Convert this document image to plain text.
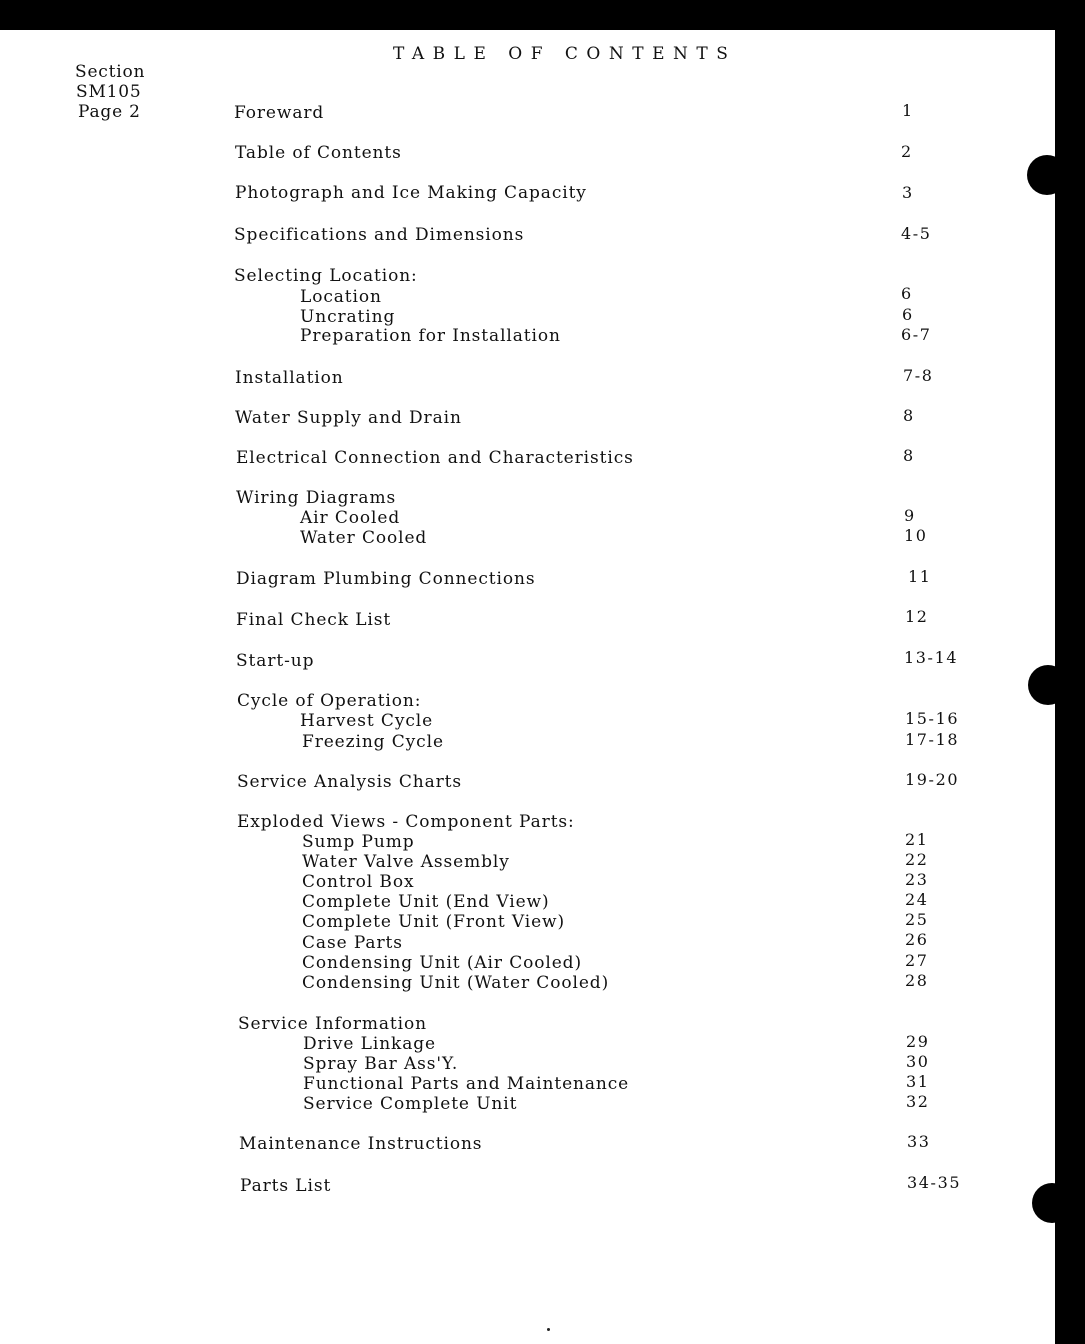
TABLE OF CONTENTS
Section
SM105
Page 2	Foreward	1
Table of Contents	2
Photograph and Ice Making Capacity	3
Specifications and Dimensions	4-5
Selecting Location:
Location	6
Uncrating	6
Preparation for Installation	6-7
Installation	7-8
Water Supply and Drain	8
Electrical Connection and Characteristics	8
Wiring Diagrams
Air Cooled	9
Water Cooled	10
Diagram Plumbing Connections	11
Final Check List	12
Start-up	13-14
Cycle of Operation:
Harvest Cycle	15-16
Freezing Cycle	17-18
Service Analysis Charts	19-20
Exploded Views - Component Parts:
Sump Pump	21
Water Valve Assembly	22
Control Box	23
Complete Unit (End View)	24
Complete Unit (Front View)	25
Case Parts	26
Condensing Unit (Air Cooled)	27
Condensing Unit (Water Cooled)	28
Service Information
Drive Linkage	29
Spray Bar Ass'Y.	30
Functional Parts and Maintenance	31
Service Complete Unit	32
Maintenance Instructions	33
Parts List	34-35
